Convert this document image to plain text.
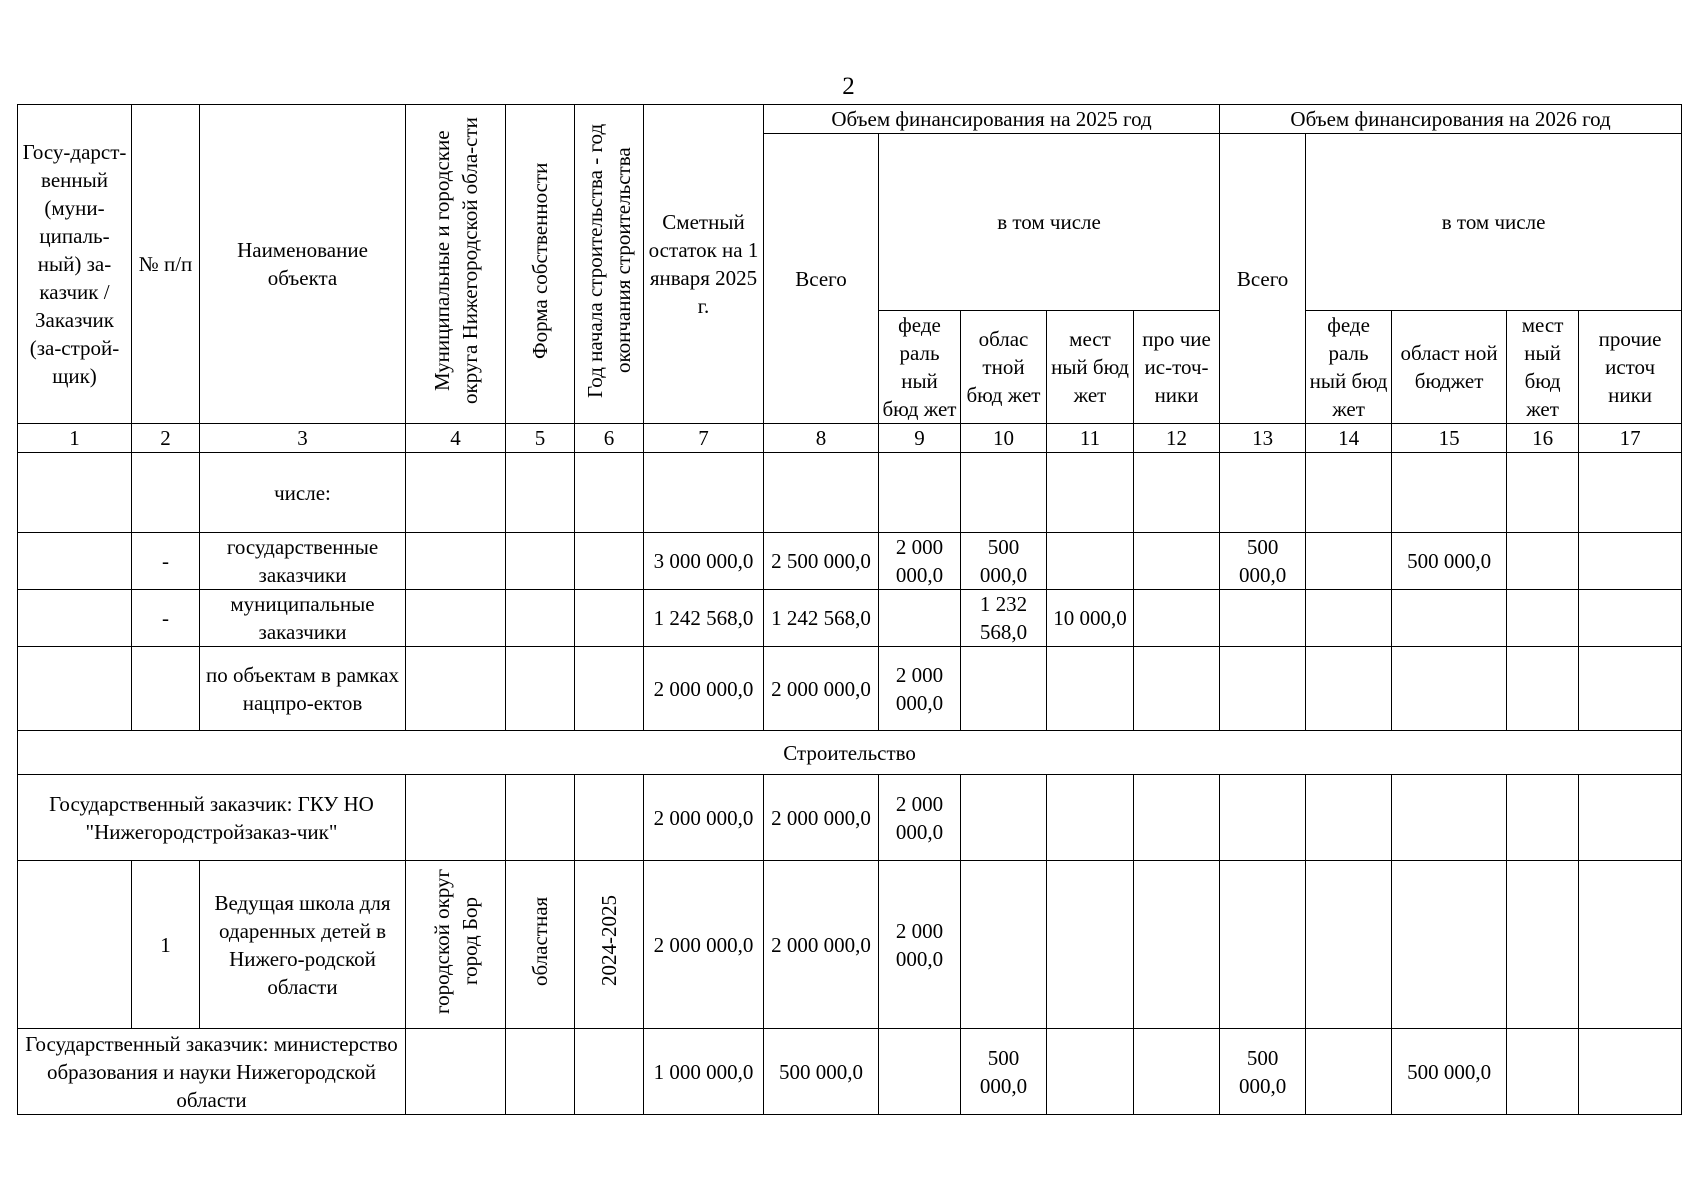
2
Госу-дарст-венный (муни-ципаль-ный) за-казчик / Заказчик (за-строй-щик)	№ п/п	Наименование объекта	Муниципальные и городские округа Нижегородской обла-сти	Форма собственности	Год начала строительства - год окончания строительства	Сметный остаток на 1 января 2025 г.	Объем финансирования на 2025 год					Объем финансирования на 2026 год				
							Всего	в том числе				Всего	в том числе			
								феде раль ный бюд жет	облас тной бюд жет	мест ный бюд жет	про чие ис-точ-ники		феде раль ный бюд жет	област ной бюджет	мест ный бюд жет	прочие источ ники
1	2	3	4	5	6	7	8	9	10	11	12	13	14	15	16	17
		числе:														
	-	государственные заказчики				3 000 000,0	2 500 000,0	2 000 000,0	500 000,0			500 000,0		500 000,0		
	-	муниципальные заказчики				1 242 568,0	1 242 568,0		1 232 568,0	10 000,0						
		по объектам в рамках нацпро-ектов				2 000 000,0	2 000 000,0	2 000 000,0								
Строительство																
Государственный заказчик: ГКУ НО "Нижегородстройзаказ-чик"						2 000 000,0	2 000 000,0	2 000 000,0								
	1	Ведущая школа для одаренных детей в Нижего-родской области	городской округ город Бор	областная	2024-2025	2 000 000,0	2 000 000,0	2 000 000,0								
Государственный заказчик: министерство образования и науки Нижегородской области						1 000 000,0	500 000,0		500 000,0			500 000,0		500 000,0		
